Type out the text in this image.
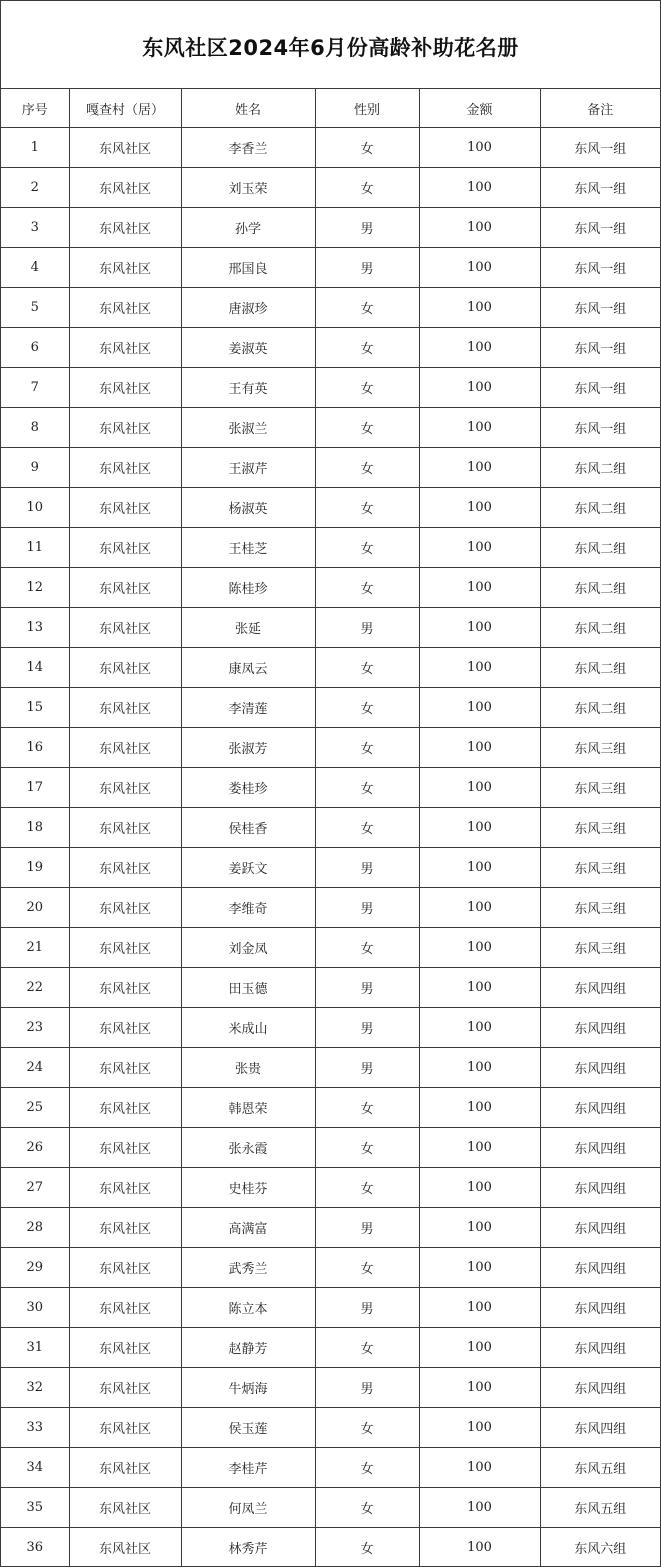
东风社区2024年6月份高龄补助花名册
序号	嘎查村（居）	姓名	性别	金额	备注
1	东风社区	李香兰	女	100	东风一组
2	东风社区	刘玉荣	女	100	东风一组
3	东风社区	孙学	男	100	东风一组
4	东风社区	邢国良	男	100	东风一组
5	东风社区	唐淑珍	女	100	东风一组
6	东风社区	姜淑英	女	100	东风一组
7	东风社区	王有英	女	100	东风一组
8	东风社区	张淑兰	女	100	东风一组
9	东风社区	王淑芹	女	100	东风二组
10	东风社区	杨淑英	女	100	东风二组
11	东风社区	王桂芝	女	100	东风二组
12	东风社区	陈桂珍	女	100	东风二组
13	东风社区	张延	男	100	东风二组
14	东风社区	康凤云	女	100	东风二组
15	东风社区	李清莲	女	100	东风二组
16	东风社区	张淑芳	女	100	东风三组
17	东风社区	娄桂珍	女	100	东风三组
18	东风社区	侯桂香	女	100	东风三组
19	东风社区	姜跃文	男	100	东风三组
20	东风社区	李维奇	男	100	东风三组
21	东风社区	刘金凤	女	100	东风三组
22	东风社区	田玉德	男	100	东风四组
23	东风社区	米成山	男	100	东风四组
24	东风社区	张贵	男	100	东风四组
25	东风社区	韩恩荣	女	100	东风四组
26	东风社区	张永霞	女	100	东风四组
27	东风社区	史桂芬	女	100	东风四组
28	东风社区	高满富	男	100	东风四组
29	东风社区	武秀兰	女	100	东风四组
30	东风社区	陈立本	男	100	东风四组
31	东风社区	赵静芳	女	100	东风四组
32	东风社区	牛炳海	男	100	东风四组
33	东风社区	侯玉莲	女	100	东风四组
34	东风社区	李桂芹	女	100	东风五组
35	东风社区	何凤兰	女	100	东风五组
36	东风社区	林秀芹	女	100	东风六组
